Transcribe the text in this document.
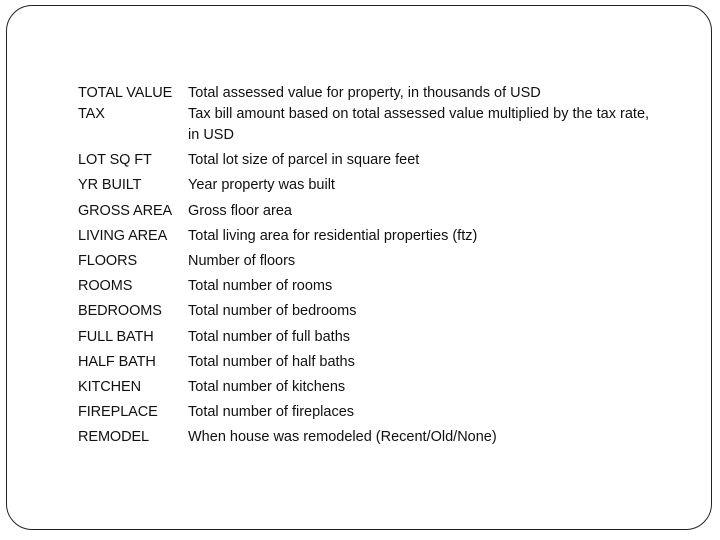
TOTAL VALUE	Total assessed value for property, in thousands of USD
TAX	Tax bill amount based on total assessed value multiplied by the tax rate, in USD
LOT SQ FT	Total lot size of parcel in square feet
YR BUILT	Year property was built
GROSS AREA	Gross floor area
LIVING AREA	Total living area for residential properties (ftz)
FLOORS	Number of floors
ROOMS	Total number of rooms
BEDROOMS	Total number of bedrooms
FULL BATH	Total number of full baths
HALF BATH	Total number of half baths
KITCHEN	Total number of kitchens
FIREPLACE	Total number of fireplaces
REMODEL	When house was remodeled (Recent/Old/None)
